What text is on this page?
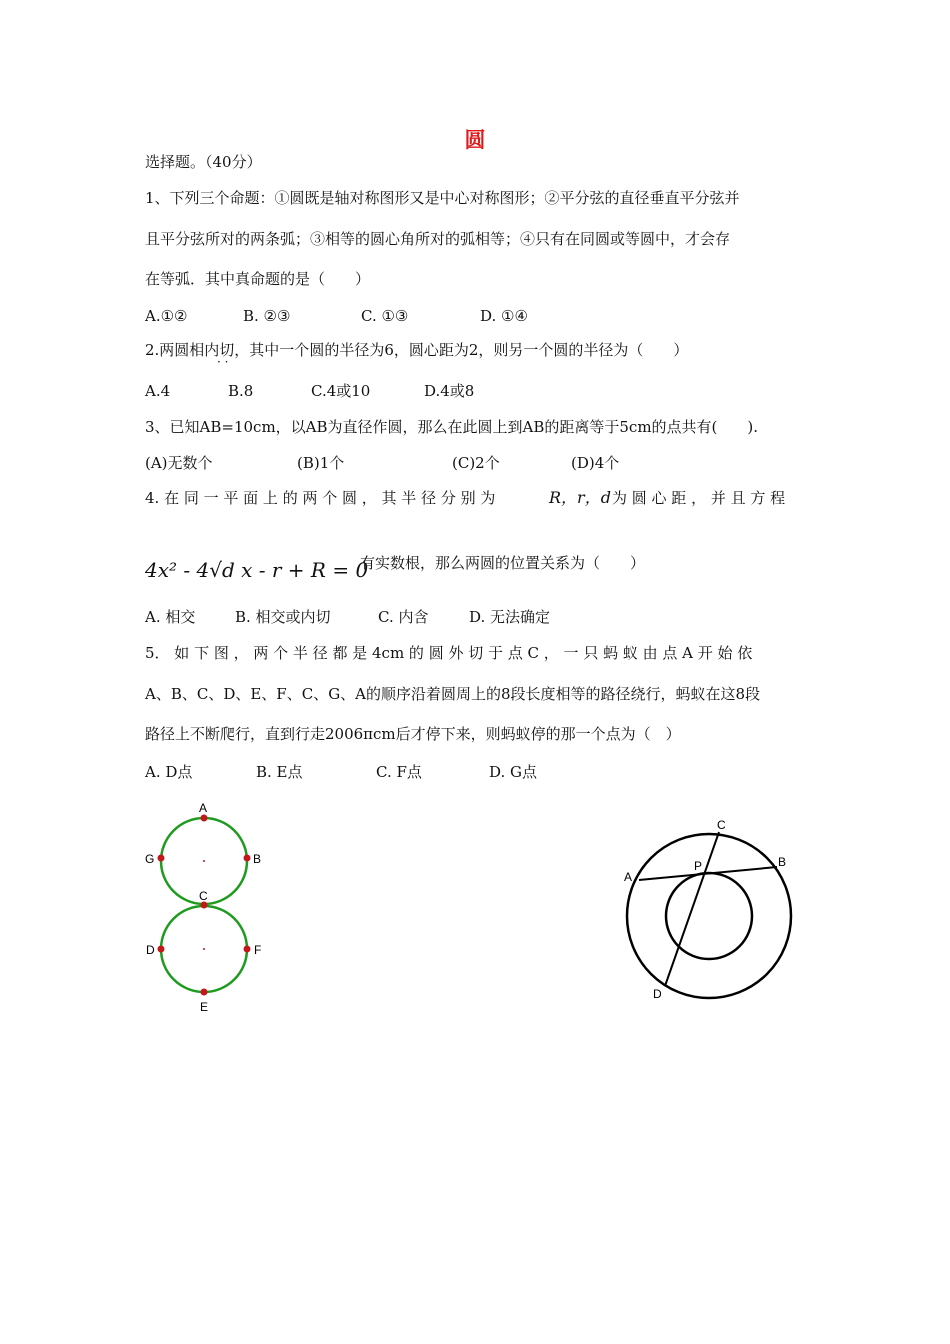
圆
选择题。（40分）
1、下列三个命题：①圆既是轴对称图形又是中心对称图形；②平分弦的直径垂直平分弦并
且平分弦所对的两条弧；③相等的圆心角所对的弧相等；④只有在同圆或等圆中，才会存
在等弧．其中真命题的是（　　）
A.①②	B. ②③	C. ①③	D. ①④
2.两圆相内切，其中一个圆的半径为6，圆心距为2，则另一个圆的半径为（　　）
· ·
A.4	B.8	C.4或10	D.4或8
3、已知AB=10cm，以AB为直径作圆，那么在此圆上到AB的距离等于5cm的点共有(　　).
(A)无数个	(B)1个	(C)2个	(D)4个
4. 在 同 一 平 面 上 的 两 个 圆 ， 其 半 径 分 别 为	R，r，d 为 圆 心 距 ， 并 且 方 程
4x² - 4√d x - r + R = 0
有实数根，那么两圆的位置关系为（　　）
A. 相交	B. 相交或内切	C. 内含	D. 无法确定
5． 如 下 图 ， 两 个 半 径 都 是 4cm 的 圆 外 切 于 点 C ， 一 只 蚂 蚁 由 点 A 开 始 依
A、B、C、D、E、F、C、G、A的顺序沿着圆周上的8段长度相等的路径绕行，蚂蚁在这8段
路径上不断爬行，直到行走2006πcm后才停下来，则蚂蚁停的那一个点为（　）
A. D点	B. E点	C. F点	D. G点
A
B
C
D
E
F
G
A
B
C
D
P
